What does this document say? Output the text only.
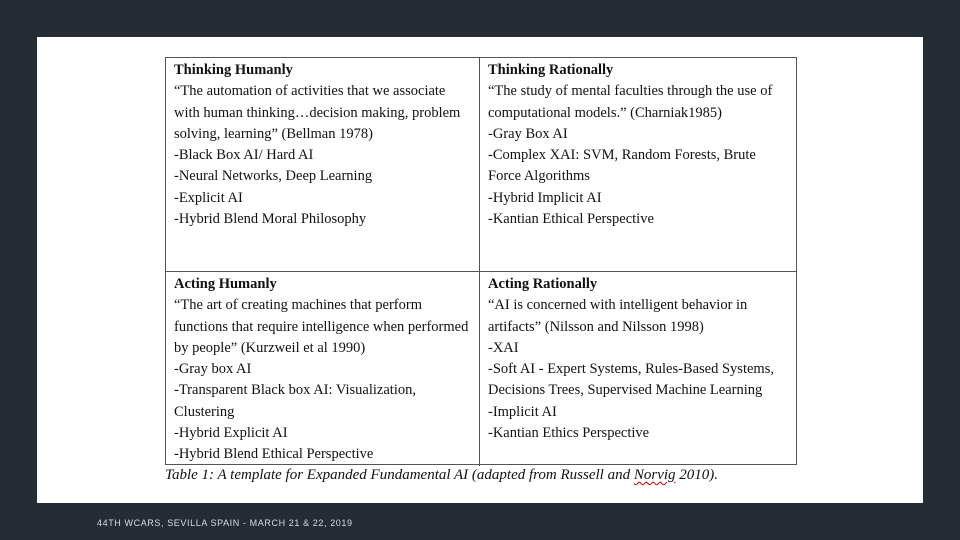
Thinking Humanly
“The automation of activities that we associate with human thinking…decision making, problem solving, learning” (Bellman 1978)
-Black Box AI/ Hard AI
-Neural Networks, Deep Learning
-Explicit AI
-Hybrid Blend Moral Philosophy
Thinking Rationally
“The study of mental faculties through the use of computational models.” (Charniak1985)
-Gray Box AI
-Complex XAI: SVM, Random Forests, Brute Force Algorithms
-Hybrid Implicit AI
-Kantian Ethical Perspective
Acting Humanly
“The art of creating machines that perform functions that require intelligence when performed by people” (Kurzweil et al 1990)
-Gray box AI
-Transparent Black box AI: Visualization, Clustering
-Hybrid Explicit AI
-Hybrid Blend Ethical Perspective
Acting Rationally
“AI is concerned with intelligent behavior in artifacts” (Nilsson and Nilsson 1998)
-XAI
-Soft AI - Expert Systems, Rules-Based Systems, Decisions Trees, Supervised Machine Learning
-Implicit AI
-Kantian Ethics Perspective
Table 1: A template for Expanded Fundamental AI (adapted from Russell and Norvig 2010).
44TH WCARS, SEVILLA SPAIN - MARCH 21 & 22, 2019
